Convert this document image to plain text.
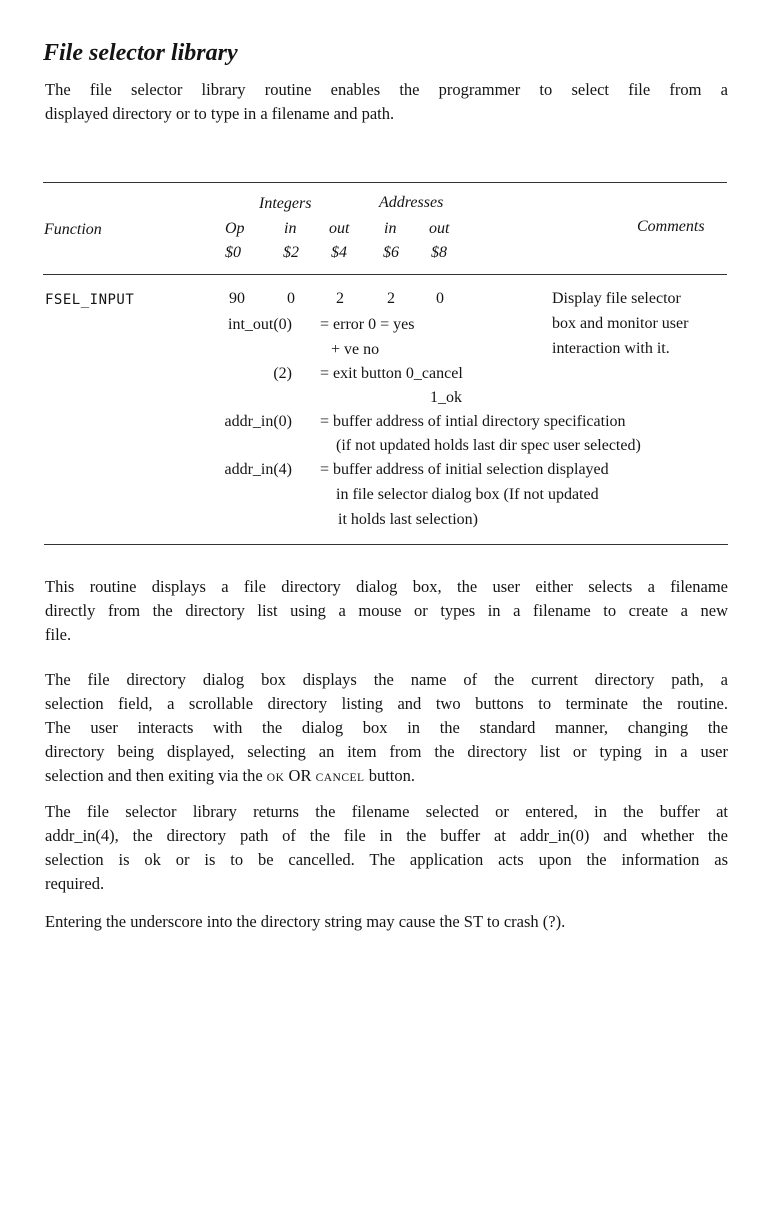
File selector library
The file selector library routine enables the programmer to select file from a
displayed directory or to type in a filename and path.
Integers	Addresses
Function	Op in out in out	Comments
$0	$2 $4 $6 $8
FSEL_INPUT	90	0	2	2	0	Display file selector
box and monitor user
interaction with it.
int_out(0) = error 0 = yes
+ ve no
(2) = exit button 0_cancel
1_ok
addr_in(0) = buffer address of intial directory specification
(if not updated holds last dir spec user selected)
addr_in(4) = buffer address of initial selection displayed
in file selector dialog box (If not updated
it holds last selection)
This routine displays a file directory dialog box, the user either selects a filename
directly from the directory list using a mouse or types in a filename to create a new
file.
The file directory dialog box displays the name of the current directory path, a
selection field, a scrollable directory listing and two buttons to terminate the routine.
The user interacts with the dialog box in the standard manner, changing the
directory being displayed, selecting an item from the directory list or typing in a user
selection and then exiting via the OK OR CANCEL button.
The file selector library returns the filename selected or entered, in the buffer at
addr_in(4), the directory path of the file in the buffer at addr_in(0) and whether the
selection is ok or is to be cancelled. The application acts upon the information as
required.
Entering the underscore into the directory string may cause the ST to crash (?).
